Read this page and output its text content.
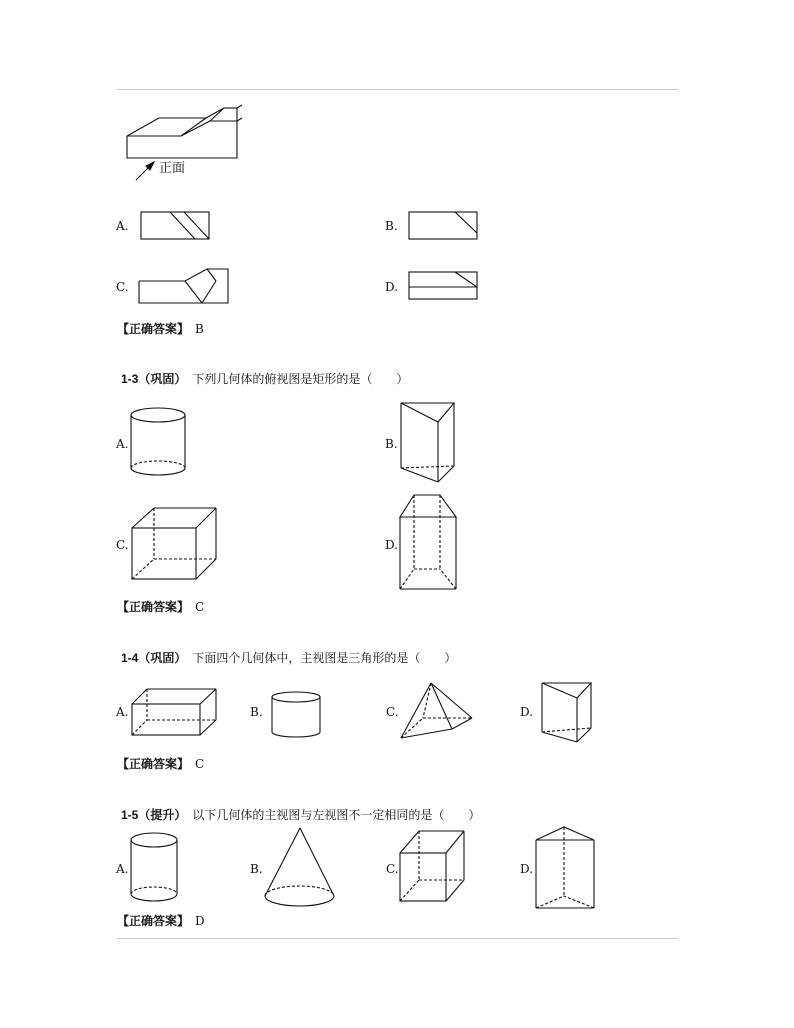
正面
A.	B.
C.	D.
【正确答案】 B
1-3（巩固） 下列几何体的俯视图是矩形的是（　　）
A.	B.
C.	D.
【正确答案】 C
1-4（巩固） 下面四个几何体中，主视图是三角形的是（　　）
A.	B.	C.	D.
【正确答案】 C
1-5（提升） 以下几何体的主视图与左视图不一定相同的是（　　）
A.	B.	C.	D.
【正确答案】 D
